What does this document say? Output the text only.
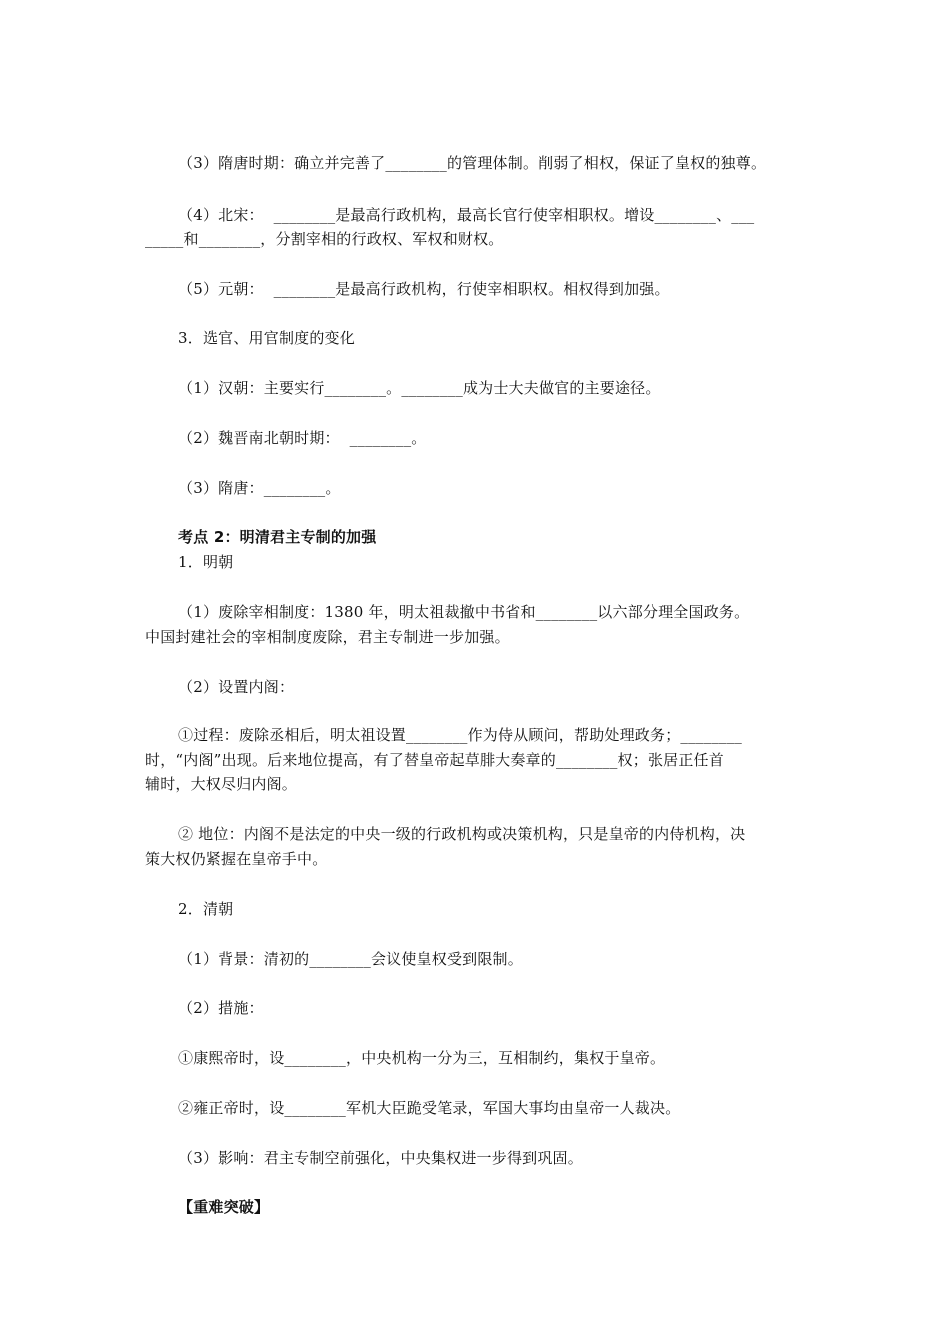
（3）隋唐时期：确立并完善了________的管理体制。削弱了相权，保证了皇权的独尊。
（4）北宋：  ________是最高行政机构，最高长官行使宰相职权。增设________、___
_____和________，分割宰相的行政权、军权和财权。
（5）元朝：  ________是最高行政机构，行使宰相职权。相权得到加强。
3．选官、用官制度的变化
（1）汉朝：主要实行________。________成为士大夫做官的主要途径。
（2）魏晋南北朝时期：  ________。
（3）隋唐：________。
考点 2：明清君主专制的加强
1．明朝
（1）废除宰相制度：1380 年，明太祖裁撤中书省和________以六部分理全国政务。
中国封建社会的宰相制度废除，君主专制进一步加强。
（2）设置内阁：
①过程：废除丞相后，明太祖设置________作为侍从顾问，帮助处理政务；________
时，“内阁”出现。后来地位提高，有了替皇帝起草腓大奏章的________权；张居正任首
辅时，大权尽归内阁。
② 地位：内阁不是法定的中央一级的行政机构或决策机构，只是皇帝的内侍机构，决
策大权仍紧握在皇帝手中。
2．清朝
（1）背景：清初的________会议使皇权受到限制。
（2）措施：
①康熙帝时，设________，中央机构一分为三，互相制约，集权于皇帝。
②雍正帝时，设________军机大臣跪受笔录，军国大事均由皇帝一人裁决。
（3）影响：君主专制空前强化，中央集权进一步得到巩固。
【重难突破】
